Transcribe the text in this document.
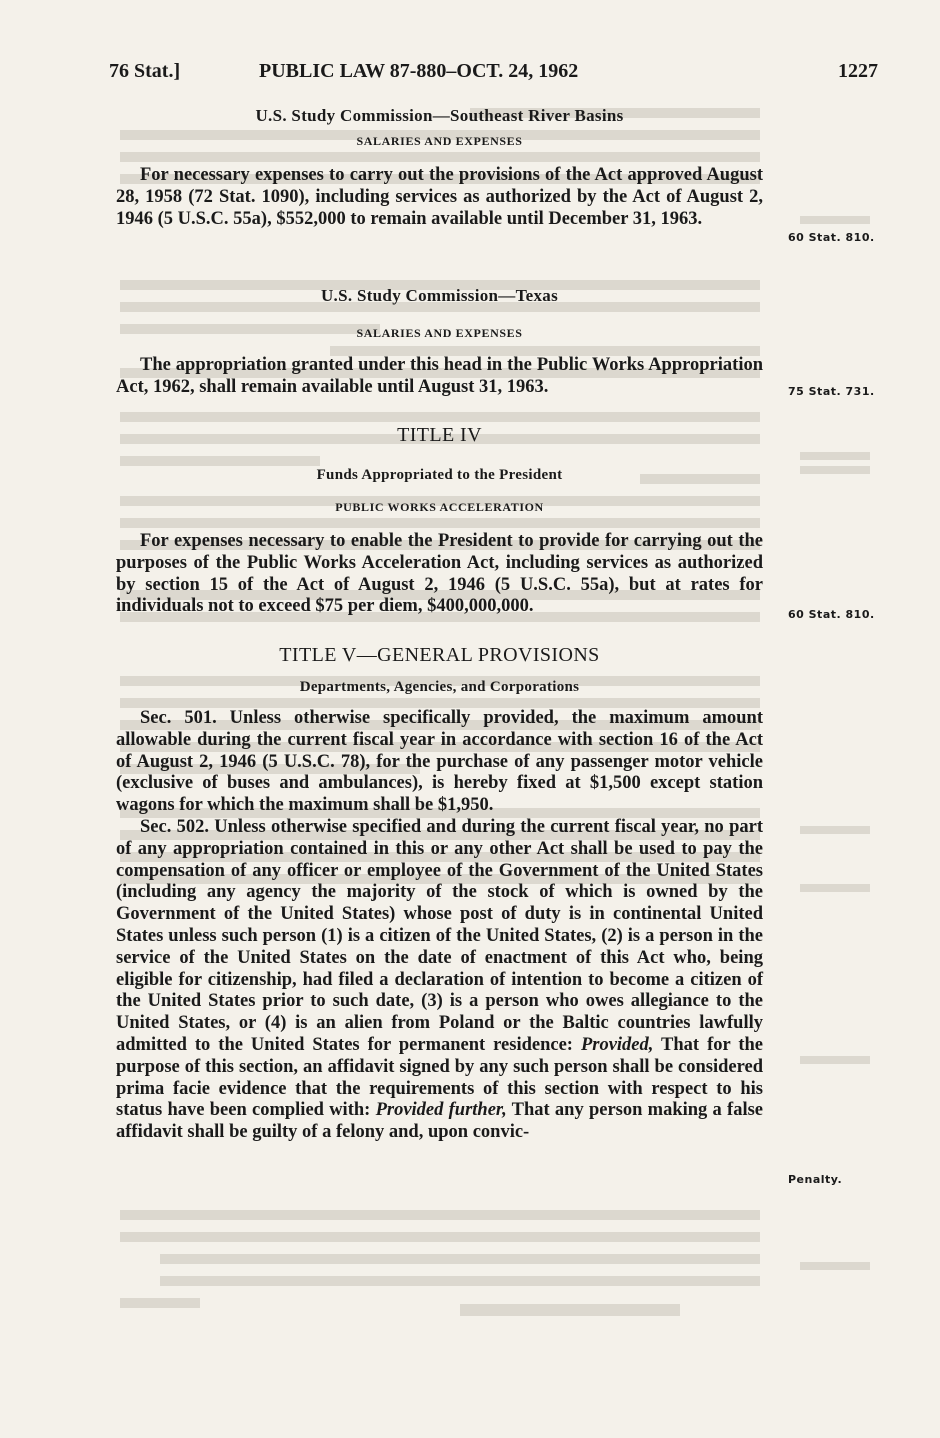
76 Stat.]	PUBLIC LAW 87-880–OCT. 24, 1962	1227

U.S. Study Commission—Southeast River Basins

SALARIES AND EXPENSES

For necessary expenses to carry out the provisions of the Act approved August 28, 1958 (72 Stat. 1090), including services as authorized by the Act of August 2, 1946 (5 U.S.C. 55a), $552,000 to remain available until December 31, 1963.

U.S. Study Commission—Texas

SALARIES AND EXPENSES

The appropriation granted under this head in the Public Works Appropriation Act, 1962, shall remain available until August 31, 1963.

TITLE IV

Funds Appropriated to the President

PUBLIC WORKS ACCELERATION

For expenses necessary to enable the President to provide for carrying out the purposes of the Public Works Acceleration Act, including services as authorized by section 15 of the Act of August 2, 1946 (5 U.S.C. 55a), but at rates for individuals not to exceed $75 per diem, $400,000,000.

TITLE V—GENERAL PROVISIONS

Departments, Agencies, and Corporations

Sec. 501. Unless otherwise specifically provided, the maximum amount allowable during the current fiscal year in accordance with section 16 of the Act of August 2, 1946 (5 U.S.C. 78), for the purchase of any passenger motor vehicle (exclusive of buses and ambulances), is hereby fixed at $1,500 except station wagons for which the maximum shall be $1,950.

Sec. 502. Unless otherwise specified and during the current fiscal year, no part of any appropriation contained in this or any other Act shall be used to pay the compensation of any officer or employee of the Government of the United States (including any agency the majority of the stock of which is owned by the Government of the United States) whose post of duty is in continental United States unless such person (1) is a citizen of the United States, (2) is a person in the service of the United States on the date of enactment of this Act who, being eligible for citizenship, had filed a declaration of intention to become a citizen of the United States prior to such date, (3) is a person who owes allegiance to the United States, or (4) is an alien from Poland or the Baltic countries lawfully admitted to the United States for permanent residence: Provided, That for the purpose of this section, an affidavit signed by any such person shall be considered prima facie evidence that the requirements of this section with respect to his status have been complied with: Provided further, That any person making a false affidavit shall be guilty of a felony and, upon convic-

60 Stat. 810.
75 Stat. 731.
60 Stat. 810.
Penalty.
